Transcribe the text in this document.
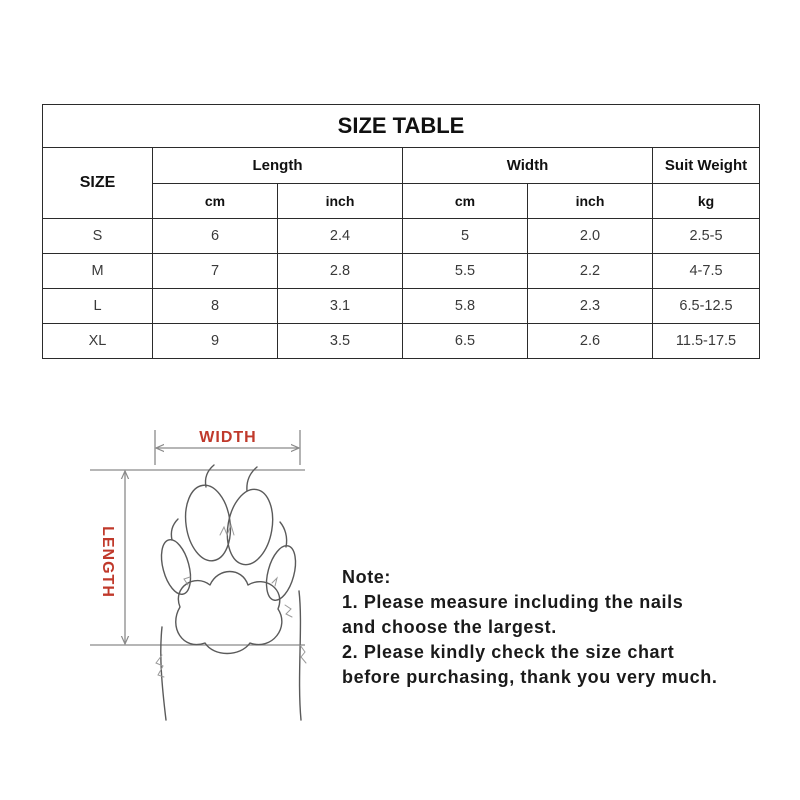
SIZE TABLE					
SIZE	Length		Width		Suit Weight
	cm	inch	cm	inch	kg
S	6	2.4	5	2.0	2.5-5
M	7	2.8	5.5	2.2	4-7.5
L	8	3.1	5.8	2.3	6.5-12.5
XL	9	3.5	6.5	2.6	11.5-17.5
WIDTH
LENGTH	Note:
1. Please measure including the nails
and choose the largest.
2. Please kindly check the size chart
before purchasing, thank you very much.
